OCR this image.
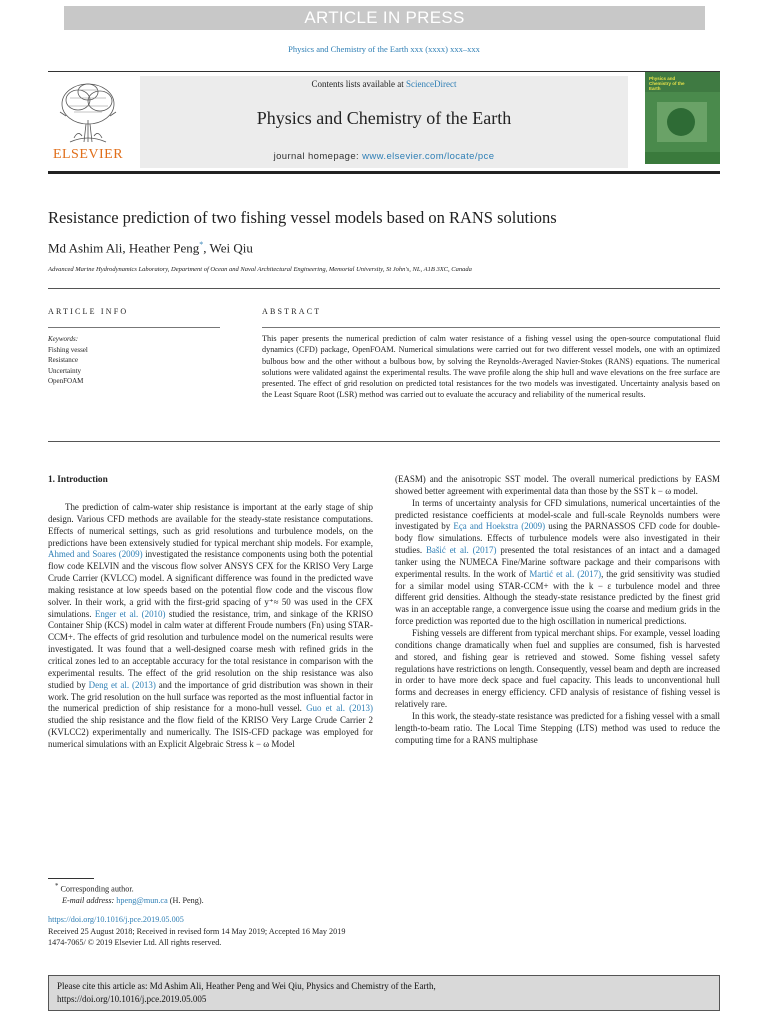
ARTICLE IN PRESS
Physics and Chemistry of the Earth xxx (xxxx) xxx–xxx
ELSEVIER
Contents lists available at ScienceDirect
Physics and Chemistry of the Earth
journal homepage: www.elsevier.com/locate/pce
Physics and Chemistry of the Earth
Resistance prediction of two fishing vessel models based on RANS solutions
Md Ashim Ali, Heather Peng*, Wei Qiu
Advanced Marine Hydrodynamics Laboratory, Department of Ocean and Naval Architectural Engineering, Memorial University, St John's, NL, A1B 3XC, Canada
ARTICLE INFO	ABSTRACT
Keywords:
Fishing vessel
Resistance
Uncertainty
OpenFOAM
This paper presents the numerical prediction of calm water resistance of a fishing vessel using the open-source computational fluid dynamics (CFD) package, OpenFOAM. Numerical simulations were carried out for two different vessel models, one with an optimized bulbous bow and the other without a bulbous bow, by solving the Reynolds-Averaged Navier-Stokes (RANS) equations. The numerical solutions were validated against the experimental results. The wave profile along the ship hull and wave elevations on the free surface are presented. The effect of grid resolution on predicted total resistances for the two models was investigated. Uncertainty analysis based on the Least Square Root (LSR) method was carried out to evaluate the accuracy and reliability of the numerical results.
1. Introduction

The prediction of calm-water ship resistance is important at the early stage of ship design. Various CFD methods are available for the steady-state resistance computations. Effects of numerical settings, such as grid resolutions and turbulence models, on the predictions have been extensively studied for typical merchant ship models. For example, Ahmed and Soares (2009) investigated the resistance components using both the potential flow code KELVIN and the viscous flow solver ANSYS CFX for the KRISO Very Large Crude Carrier (KVLCC) model. A significant difference was found in the predicted wave making resistance at low speeds based on the potential flow code and the viscous flow solver. In their work, a grid with the first-grid spacing of y⁺≈ 50 was used in the CFX simulations. Enger et al. (2010) studied the resistance, trim, and sinkage of the KRISO Container Ship (KCS) model in calm water at different Froude numbers (Fn) using STAR-CCM+. The effects of grid resolution and turbulence model on the numerical results were investigated. It was found that a well-designed coarse mesh with refined grids in the critical zones led to an acceptable accuracy for the total resistance in comparison with the experimental results. The effect of the grid resolution on the ship resistance was also studied by Deng et al. (2013) and the importance of grid distribution was shown in their work. The grid resolution on the hull surface was reported as the most influential factor in the numerical prediction of ship resistance for a mono-hull vessel. Guo et al. (2013) studied the ship resistance and the flow field of the KRISO Very Large Crude Carrier 2 (KVLCC2) experimentally and numerically. The ISIS-CFD package was employed for numerical simulations with an Explicit Algebraic Stress k − ω Model

(EASM) and the anisotropic SST model. The overall numerical predictions by EASM showed better agreement with experimental data than those by the SST k − ω model.

In terms of uncertainty analysis for CFD simulations, numerical uncertainties of the predicted resistance coefficients at model-scale and full-scale Reynolds numbers were investigated by Eça and Hoekstra (2009) using the PARNASSOS CFD code for double-body flow simulations. Effects of turbulence models were also investigated in their studies. Bašić et al. (2017) presented the total resistances of an intact and a damaged tanker using the NUMECA Fine/Marine software package and their comparisons with experimental results. In the work of Martić et al. (2017), the grid sensitivity was studied for a similar model using STAR-CCM+ with the k − ε turbulence model and three different grid densities. Although the steady-state resistance predicted by the finest grid was in an acceptable range, a convergence issue using the coarse and medium grids in the force prediction was reported due to the high oscillation in numerical predictions.

Fishing vessels are different from typical merchant ships. For example, vessel loading conditions change dramatically when fuel and supplies are consumed, fish is harvested and stored, and fishing gear is retrieved and stowed. Some fishing vessel safety regulations have restrictions on length. Consequently, vessel beam and depth are increased in order to have more deck space and fuel capacity. This leads to unconventional hull forms and decreases in energy efficiency. CFD analysis of resistance of fishing vessel is relatively rare.

In this work, the steady-state resistance was predicted for a fishing vessel with a small length-to-beam ratio. The Local Time Stepping (LTS) method was used to reduce the computing time for a RANS multiphase

* Corresponding author.
E-mail address: hpeng@mun.ca (H. Peng).
https://doi.org/10.1016/j.pce.2019.05.005
Received 25 August 2018; Received in revised form 14 May 2019; Accepted 16 May 2019
1474-7065/ © 2019 Elsevier Ltd. All rights reserved.
Please cite this article as: Md Ashim Ali, Heather Peng and Wei Qiu, Physics and Chemistry of the Earth,
https://doi.org/10.1016/j.pce.2019.05.005
